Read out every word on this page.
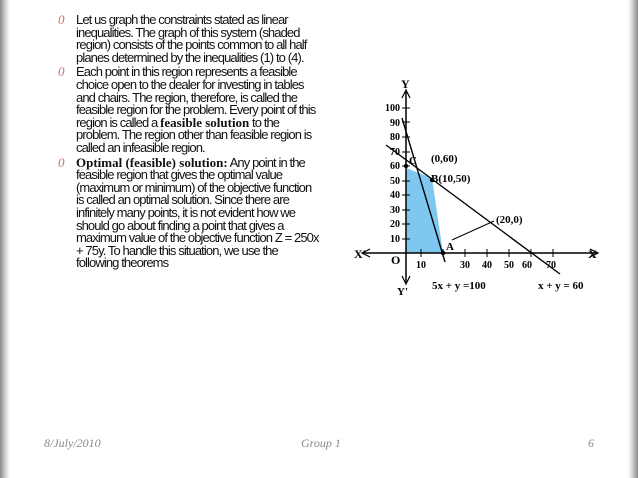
0 Let us graph the constraints stated as linear inequalities. The graph of this system (shaded region) consists of the points common to all half planes determined by the inequalities (1) to (4).
0 Each point in this region represents a feasible choice open to the dealer for investing in tables and chairs. The region, therefore, is called the feasible region for the problem. Every point of this region is called a feasible solution to the problem. The region other than feasible region is called an infeasible region.
0 Optimal (feasible) solution: Any point in the feasible region that gives the optimal value (maximum or minimum) of the objective function is called an optimal solution. Since there are infinitely many points, it is not evident how we should go about finding a point that gives a maximum value of the objective function Z = 250x + 75y. To handle this situation, we use the following theorems
Y
Y'
X
X' O
100
90
80
70
60
50
40
30
20
10
10	30 40 50 60 70
C (0,60)
B(10,50)
A
(20,0)
5x + y =100	x + y = 60
8/July/2010	Group 1	6
